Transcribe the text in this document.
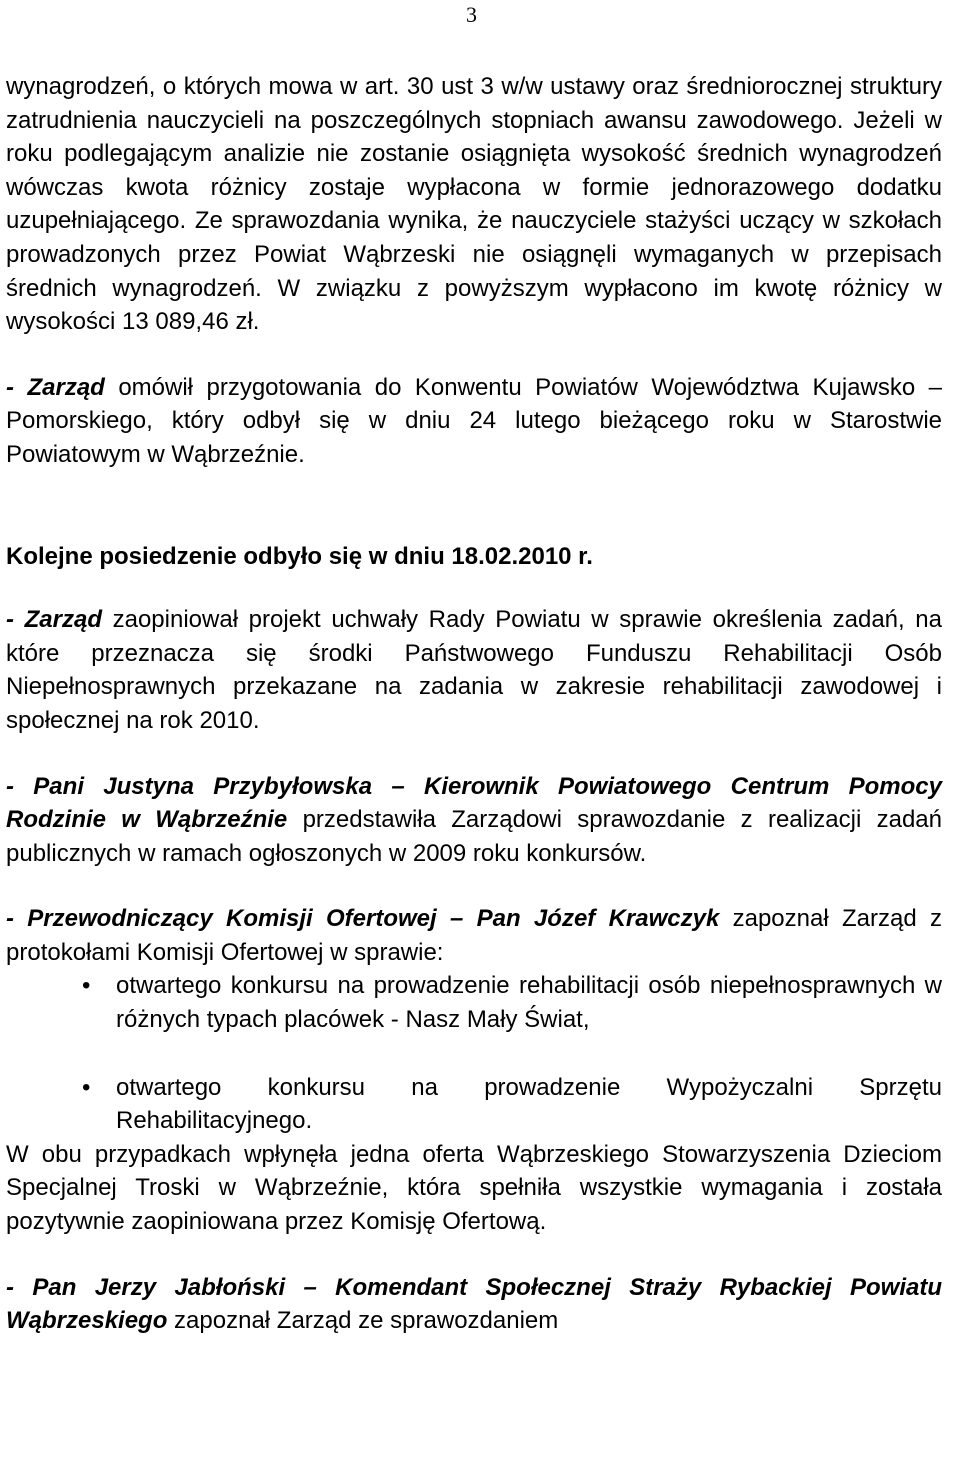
3

wynagrodzeń, o których mowa w art. 30 ust 3 w/w ustawy oraz średniorocznej struktury zatrudnienia nauczycieli na poszczególnych stopniach awansu zawodowego. Jeżeli w roku podlegającym analizie nie zostanie osiągnięta wysokość średnich wynagrodzeń wówczas kwota różnicy zostaje wypłacona w formie jednorazowego dodatku uzupełniającego. Ze sprawozdania wynika, że nauczyciele stażyści uczący w szkołach prowadzonych przez Powiat Wąbrzeski nie osiągnęli wymaganych w przepisach średnich wynagrodzeń. W związku z powyższym wypłacono im kwotę różnicy w wysokości 13 089,46 zł.

- Zarząd omówił przygotowania do Konwentu Powiatów Województwa Kujawsko – Pomorskiego, który odbył się w dniu 24 lutego bieżącego roku w Starostwie Powiatowym w Wąbrzeźnie.

Kolejne posiedzenie odbyło się w dniu 18.02.2010 r.

- Zarząd zaopiniował projekt uchwały Rady Powiatu w sprawie określenia zadań, na które przeznacza się środki Państwowego Funduszu Rehabilitacji Osób Niepełnosprawnych przekazane na zadania w zakresie rehabilitacji zawodowej i społecznej na rok 2010.

- Pani Justyna Przybyłowska – Kierownik Powiatowego Centrum Pomocy Rodzinie w Wąbrzeźnie przedstawiła Zarządowi sprawozdanie z realizacji zadań publicznych w ramach ogłoszonych w 2009 roku konkursów.

- Przewodniczący Komisji Ofertowej – Pan Józef Krawczyk zapoznał Zarząd z protokołami Komisji Ofertowej w sprawie:

• otwartego konkursu na prowadzenie rehabilitacji osób niepełnosprawnych w różnych typach placówek - Nasz Mały Świat,
• otwartego konkursu na prowadzenie Wypożyczalni Sprzętu Rehabilitacyjnego.

W obu przypadkach wpłynęła jedna oferta Wąbrzeskiego Stowarzyszenia Dzieciom Specjalnej Troski w Wąbrzeźnie, która spełniła wszystkie wymagania i została pozytywnie zaopiniowana przez Komisję Ofertową.

- Pan Jerzy Jabłoński – Komendant Społecznej Straży Rybackiej Powiatu Wąbrzeskiego zapoznał Zarząd ze sprawozdaniem
